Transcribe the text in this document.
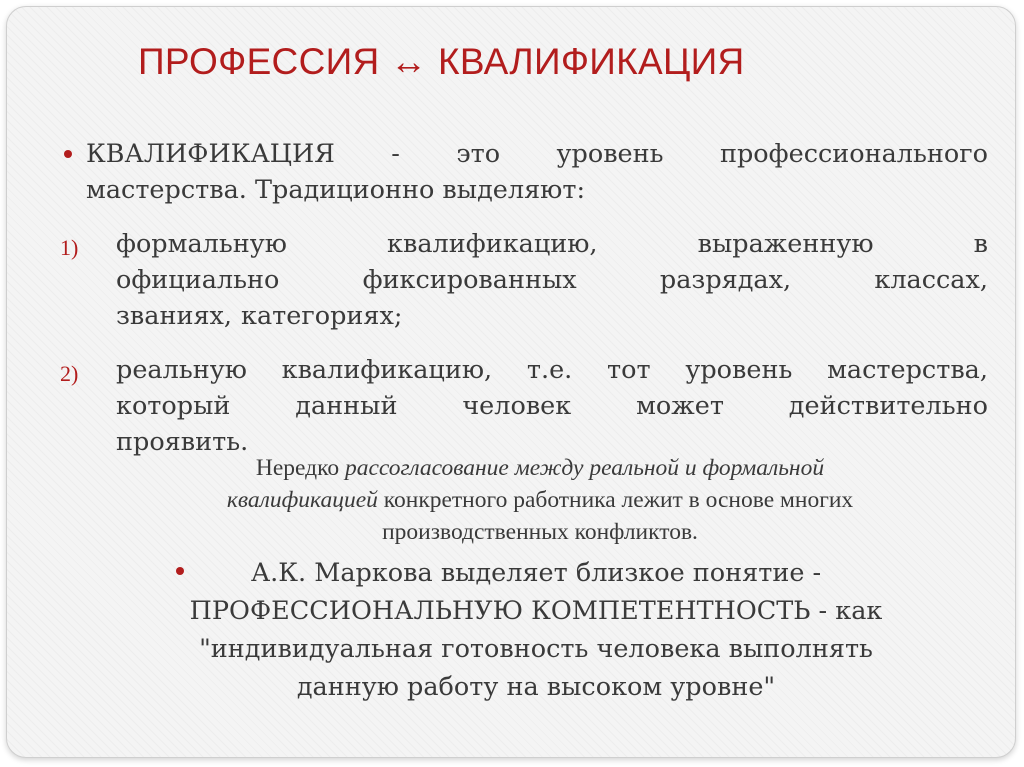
ПРОФЕССИЯ ↔ КВАЛИФИКАЦИЯ
КВАЛИФИКАЦИЯ - это уровень профессионального
мастерства. Традиционно выделяют:
1) формальную	квалификацию,	выраженную	в
официально	фиксированных	разрядах,	классах,
званиях, категориях;
2) реальную квалификацию, т.е. тот уровень мастерства,
который	данный	человек	может	действительно
проявить.
Нередко рассогласование между реальной и формальной
квалификацией конкретного работника лежит в основе многих
производственных конфликтов.
А.К. Маркова выделяет близкое понятие -
ПРОФЕССИОНАЛЬНУЮ КОМПЕТЕНТНОСТЬ - как
"индивидуальная готовность человека выполнять
данную работу на высоком уровне"
